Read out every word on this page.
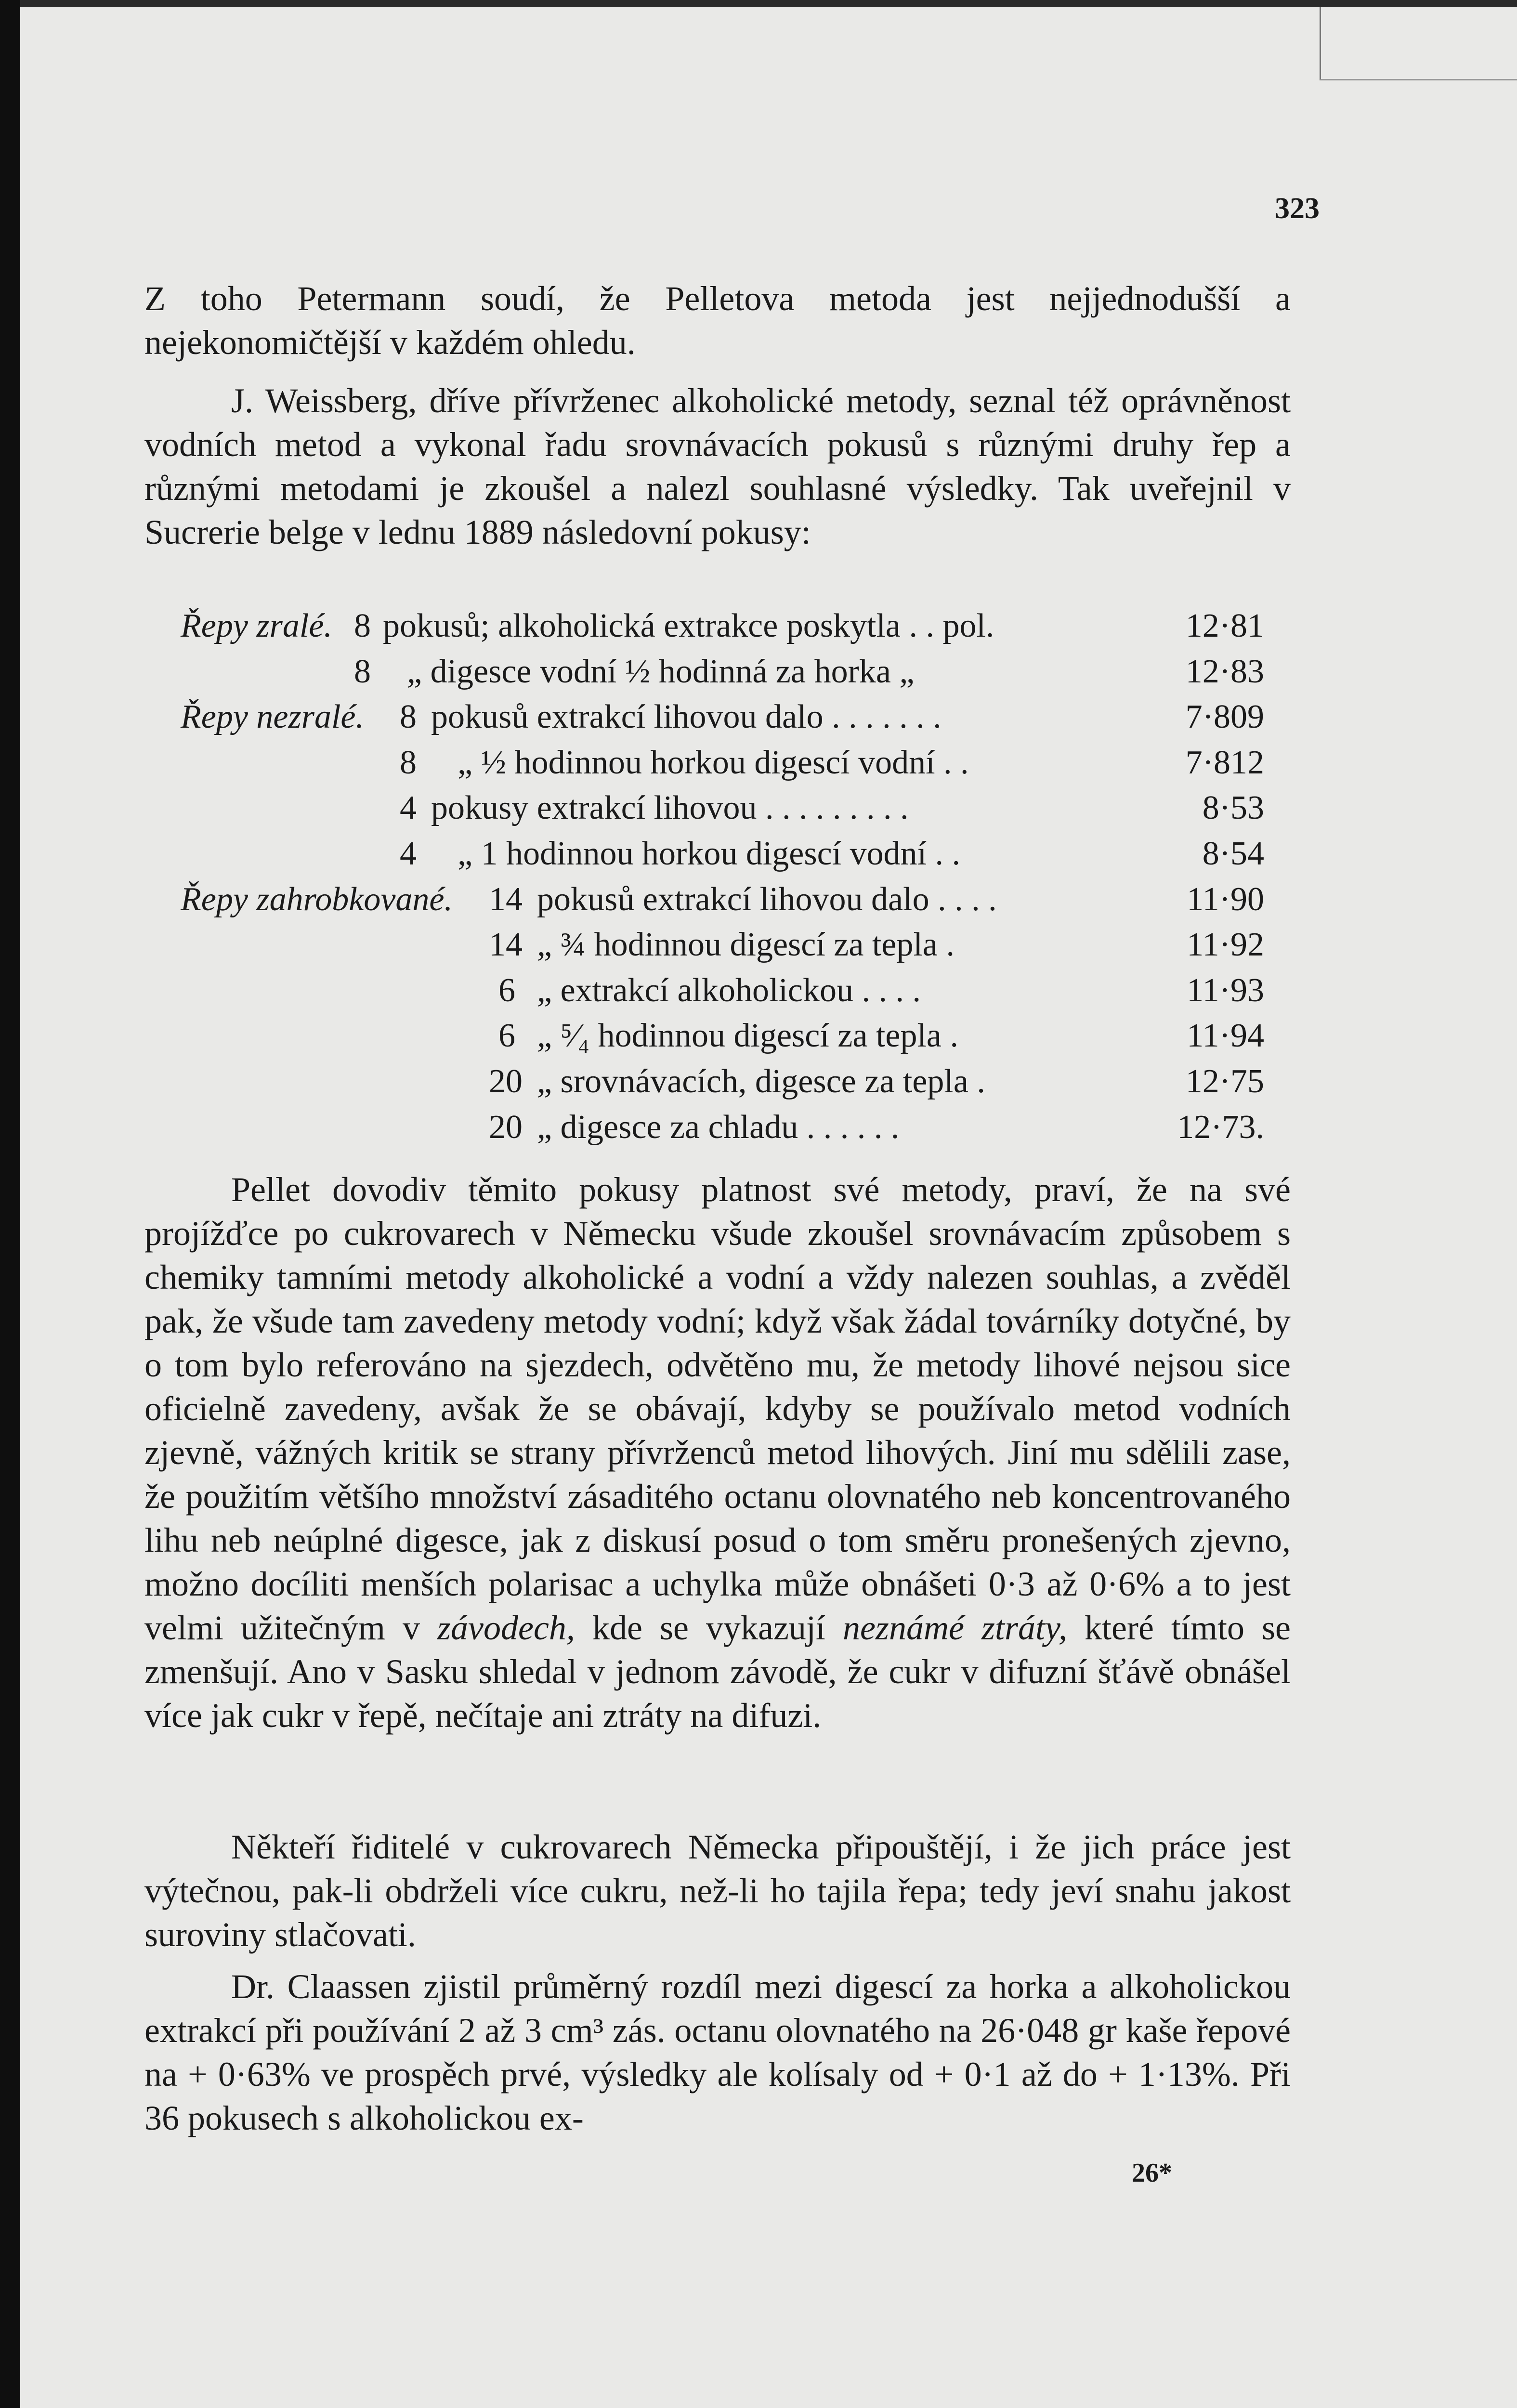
323

Z toho Petermann soudí, že Pelletova metoda jest nejjednodušší a nejekonomičtější v každém ohledu.

J. Weissberg, dříve přívrženec alkoholické metody, seznal též oprávněnost vodních metod a vykonal řadu srovnávacích pokusů s různými druhy řep a různými metodami je zkoušel a nalezl souhlasné výsledky. Tak uveřejnil v Sucrerie belge v lednu 1889 následovní pokusy:

Řepy zralé. 8 pokusů; alkoholická extrakce poskytla . . pol.	12·81
8 „ digesce vodní ½ hodinná za horka „	12·83
Řepy nezralé. 8 pokusů extrakcí lihovou dalo . . . . . . .	7·809
8 „ ½ hodinnou horkou digescí vodní . .	7·812
4 pokusy extrakcí lihovou . . . . . . . . .	8·53
4 „ 1 hodinnou horkou digescí vodní . .	8·54
Řepy zahrobkované. 14 pokusů extrakcí lihovou dalo . . . .	11·90
14 „ ¾ hodinnou digescí za tepla .	11·92
6 „ extrakcí alkoholickou . . . .	11·93
6 „ ⁵⁄₄ hodinnou digescí za tepla .	11·94
20 „ srovnávacích, digesce za tepla .	12·75
20 „ digesce za chladu . . . . . .	12·73.

Pellet dovodiv těmito pokusy platnost své metody, praví, že na své projížďce po cukrovarech v Německu všude zkoušel srovnávacím způsobem s chemiky tamními metody alkoholické a vodní a vždy nalezen souhlas, a zvěděl pak, že všude tam zavedeny metody vodní; když však žádal továrníky dotyčné, by o tom bylo referováno na sjezdech, odvětěno mu, že metody lihové nejsou sice oficielně zavedeny, avšak že se obávají, kdyby se používalo metod vodních zjevně, vážných kritik se strany přívrženců metod lihových. Jiní mu sdělili zase, že použitím většího množství zásaditého octanu olovnatého neb koncentrovaného lihu neb neúplné digesce, jak z diskusí posud o tom směru pronešených zjevno, možno docíliti menších polarisac a uchylka může obnášeti 0·3 až 0·6% a to jest velmi užitečným v závodech, kde se vykazují neznámé ztráty, které tímto se zmenšují. Ano v Sasku shledal v jednom závodě, že cukr v difuzní šťávě obnášel více jak cukr v řepě, nečítaje ani ztráty na difuzi.

Někteří řiditelé v cukrovarech Německa připouštějí, i že jich práce jest výtečnou, pak-li obdrželi více cukru, než-li ho tajila řepa; tedy jeví snahu jakost suroviny stlačovati.

Dr. Claassen zjistil průměrný rozdíl mezi digescí za horka a alkoholickou extrakcí při používání 2 až 3 cm³ zás. octanu olovnatého na 26·048 gr kaše řepové na + 0·63% ve prospěch prvé, výsledky ale kolísaly od + 0·1 až do + 1·13%. Při 36 pokusech s alkoholickou ex-

26*
